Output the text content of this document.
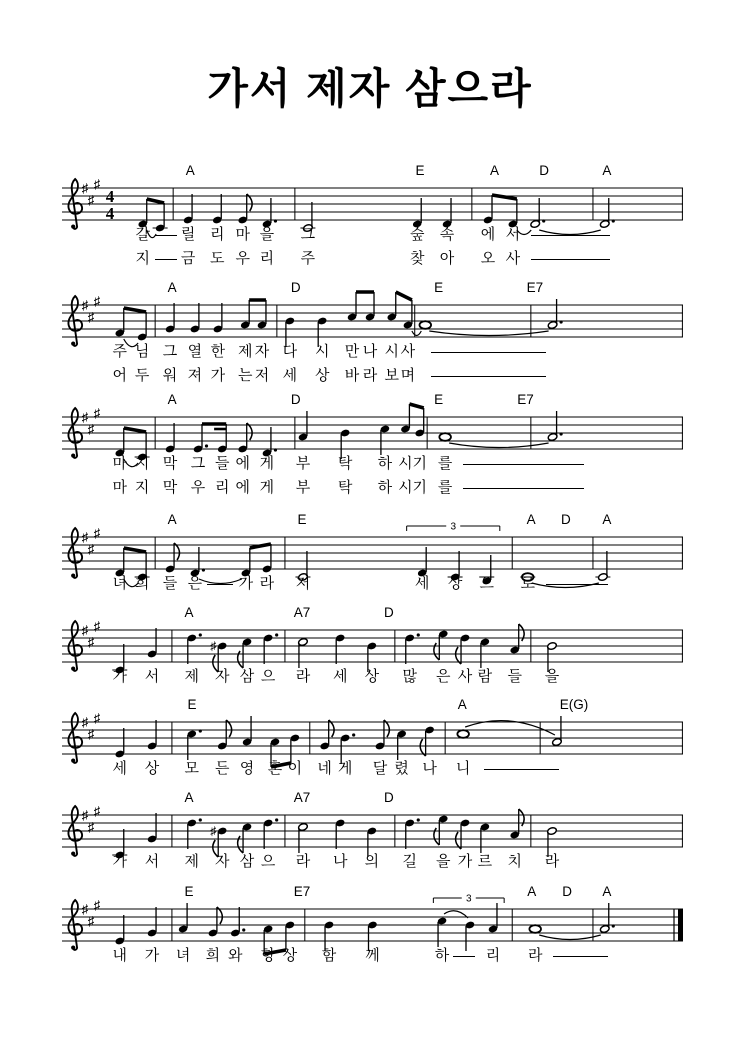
가서 제자 삼으라
♯
♯
♯
4
4
A	E	A	D	A
갈	릴 리 마 을	그	숲	속	에 서
지	금 도 우 리	주	찾	아	오 사
♯
♯
♯
A	D	E	E7
주 님 그 열 한 제 자 다	시	만 나 시 사
어 두 워 져 가 는 저 세	상	바 라 보 며
♯
♯
♯
A	D	E	E7
마 지 막 그 들 에 게	부	탁	하 시 기 를
마 지 막 우 리 에 게	부	탁	하 시 기 를
♯
♯
♯
A	E	A D A
3
녀 희 들 은	가 라	저	세	상	으	로
♯
♯
♯
A	A7	D
♯
가	서	제	자 삼 으	라	세	상	많	은 사 람	들	을
♯
♯
♯
E	A	E(G)
세	상	모	든 영 혼 이	네 게	달 렸 나	니
♯
♯
♯
A	A7	D
♯
가	서	제	자 삼 으	라	나	의	길	을 가 르	치	라
♯
♯
♯
E	E7	A D A
3
내	가	녀	희 와	항 상	함	께	하	리	라
